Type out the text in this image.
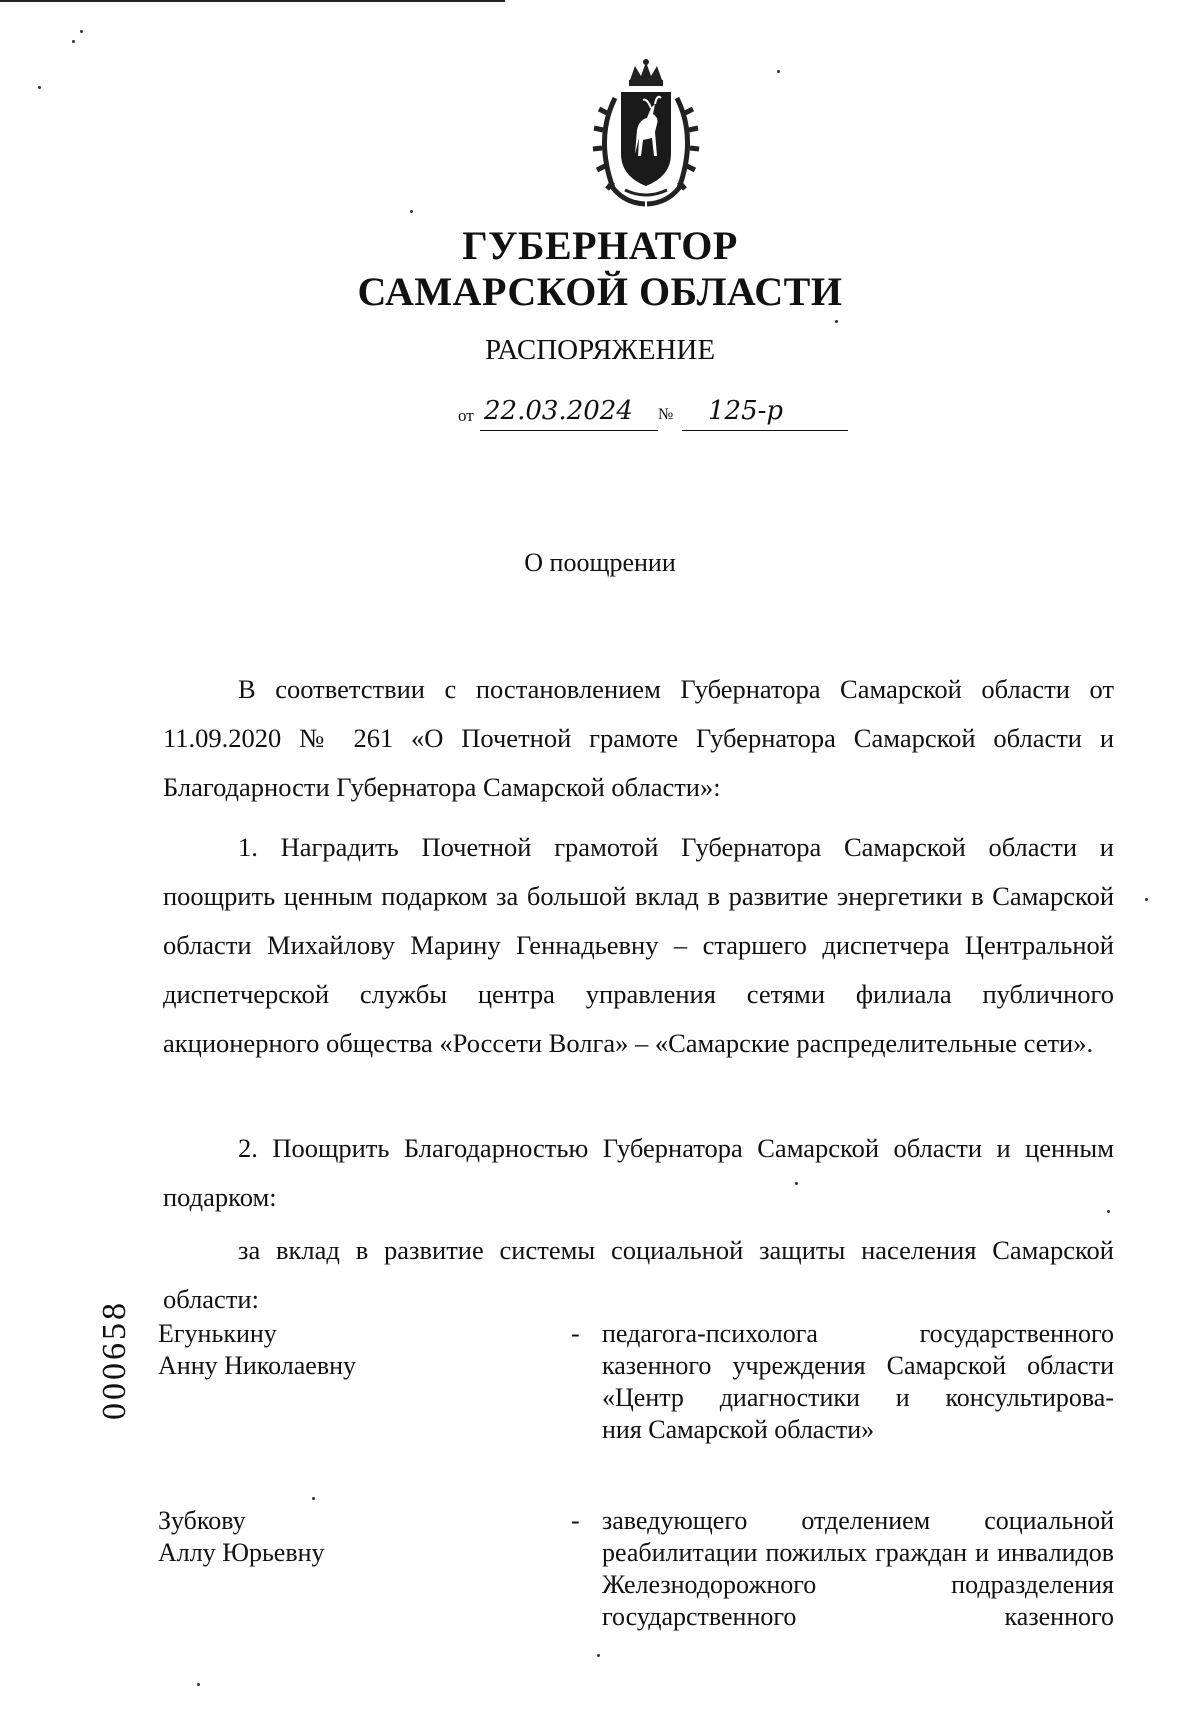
ГУБЕРНАТОР
САМАРСКОЙ ОБЛАСТИ
РАСПОРЯЖЕНИЕ
от 22.03.2024 № 125-р
О поощрении
В соответствии с постановлением Губернатора Самарской области от 11.09.2020 № 261 «О Почетной грамоте Губернатора Самарской области и Благодарности Губернатора Самарской области»:
1. Наградить Почетной грамотой Губернатора Самарской области и поощрить ценным подарком за большой вклад в развитие энергетики в Самарской области Михайлову Марину Геннадьевну – старшего диспетчера Центральной диспетчерской службы центра управления сетями филиала публичного акционерного общества «Россети Волга» – «Самарские распределительные сети».
2. Поощрить Благодарностью Губернатора Самарской области и ценным подарком:
за вклад в развитие системы социальной защиты населения Самарской области:
Егунькину
Анну Николаевну
- педагога-психолога государственного казенного учреждения Самарской области «Центр диагностики и консультирова-
ния Самарской области»
Зубкову
Аллу Юрьевну
- заведующего отделением социальной реабилитации пожилых граждан и инвалидов Железнодорожного подразделения государственного казенного
000658
